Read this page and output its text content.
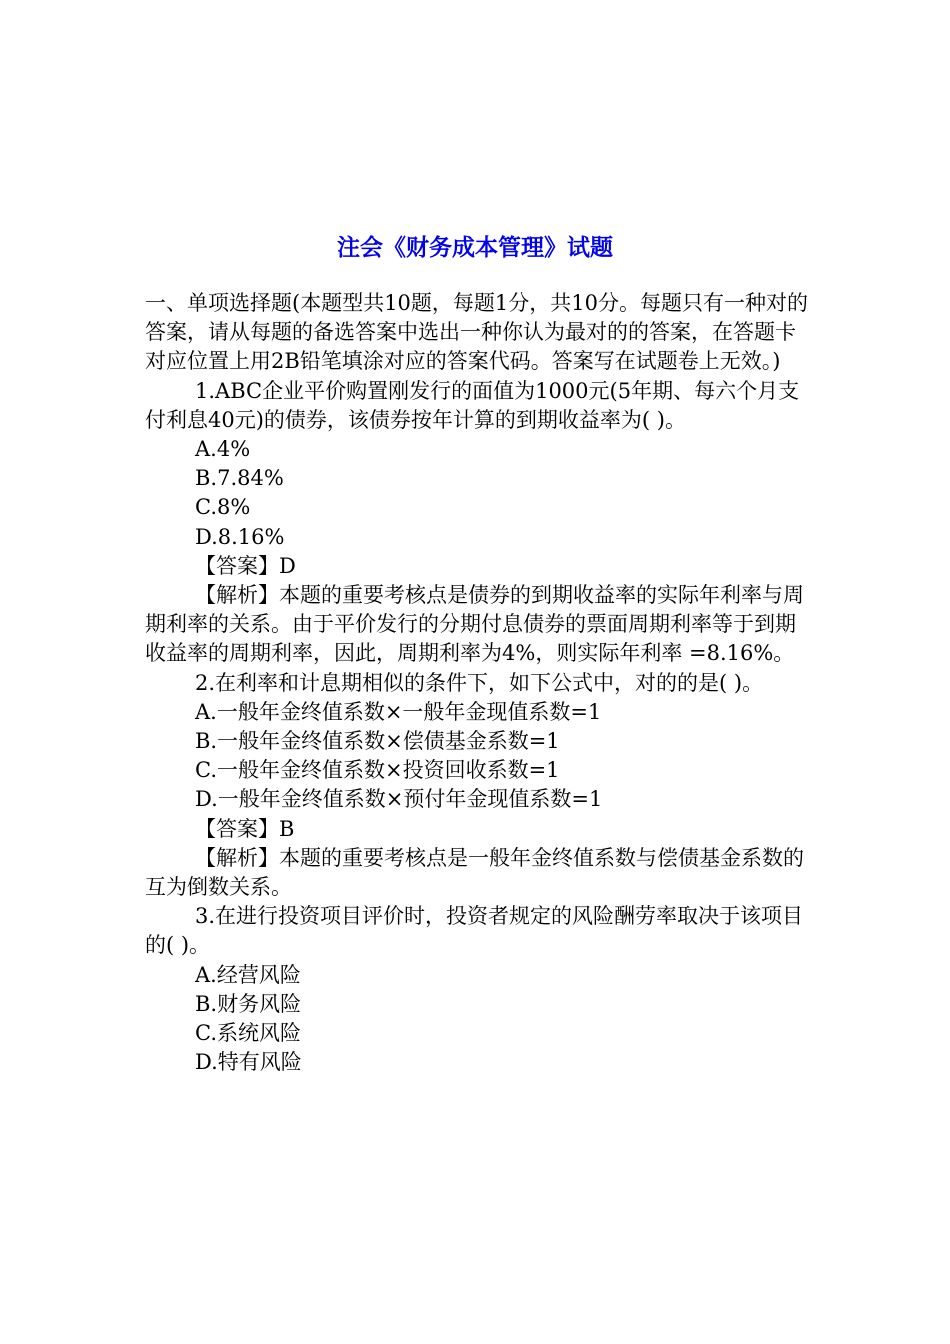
注会《财务成本管理》试题

一、单项选择题(本题型共10题，每题1分，共10分。每题只有一种对的答案，请从每题的备选答案中选出一种你认为最对的的答案，在答题卡对应位置上用2B铅笔填涂对应的答案代码。答案写在试题卷上无效。)

1.ABC企业平价购置刚发行的面值为1000元(5年期、每六个月支付利息40元)的债券，该债券按年计算的到期收益率为( )。

A.4%

B.7.84%

C.8%

D.8.16%

【答案】D

【解析】本题的重要考核点是债券的到期收益率的实际年利率与周期利率的关系。由于平价发行的分期付息债券的票面周期利率等于到期收益率的周期利率，因此，周期利率为4%，则实际年利率 =8.16%。

2.在利率和计息期相似的条件下，如下公式中，对的的是( )。

A.一般年金终值系数×一般年金现值系数=1

B.一般年金终值系数×偿债基金系数=1

C.一般年金终值系数×投资回收系数=1

D.一般年金终值系数×预付年金现值系数=1

【答案】B

【解析】本题的重要考核点是一般年金终值系数与偿债基金系数的互为倒数关系。

3.在进行投资项目评价时，投资者规定的风险酬劳率取决于该项目的( )。

A.经营风险

B.财务风险

C.系统风险

D.特有风险
